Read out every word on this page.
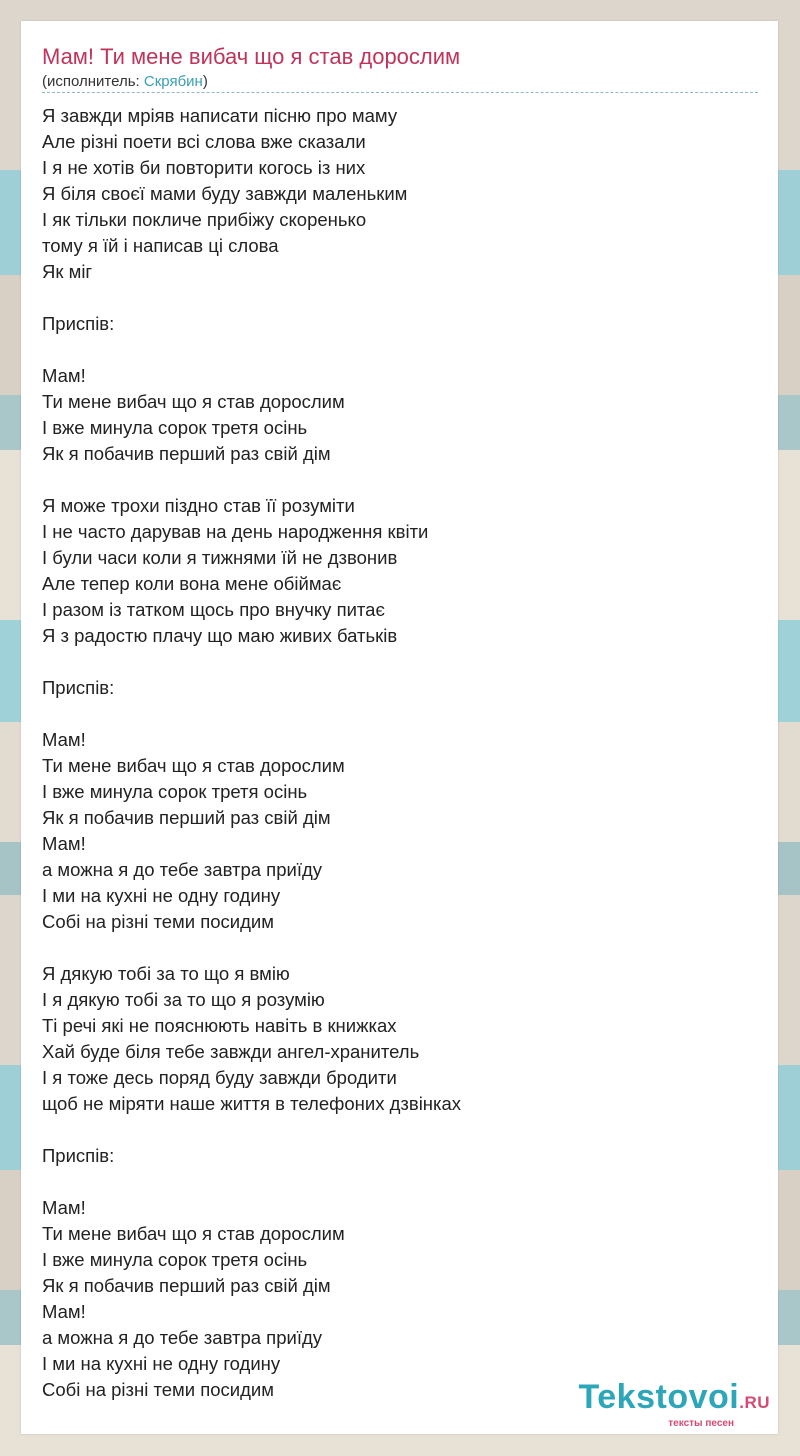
Мам! Ти мене вибач що я став дорослим
(исполнитель: Скрябин)
Я завжди мріяв написати пісню про маму
Але різні поети всі слова вже сказали
І я не хотів би повторити когось із них
Я біля своєї мами буду завжди маленьким
І як тільки покличе прибіжу скоренько
тому я їй і написав ці слова
Як міг
Приспів:
Мам!
Ти мене вибач що я став дорослим
І вже минула сорок третя осінь
Як я побачив перший раз свій дім
Я може трохи піздно став її розуміти
І не часто дарував на день народження квіти
І були часи коли я тижнями їй не дзвонив
Але тепер коли вона мене обіймає
І разом із татком щось про внучку питає
Я з радостю плачу що маю живих батьків
Приспів:
Мам!
Ти мене вибач що я став дорослим
І вже минула сорок третя осінь
Як я побачив перший раз свій дім
Мам!
а можна я до тебе завтра приїду
І ми на кухні не одну годину
Собі на різні теми посидим
Я дякую тобі за то що я вмію
І я дякую тобі за то що я розумію
Ті речі які не пояснюють навіть в книжках
Хай буде біля тебе завжди ангел-хранитель
І я тоже десь поряд буду завжди бродити
щоб не міряти наше життя в телефоних дзвінках
Приспів:
Мам!
Ти мене вибач що я став дорослим
І вже минула сорок третя осінь
Як я побачив перший раз свій дім
Мам!
а можна я до тебе завтра приїду
І ми на кухні не одну годину
Собі на різні теми посидим	Tekstovoi.RU
тексты песен
